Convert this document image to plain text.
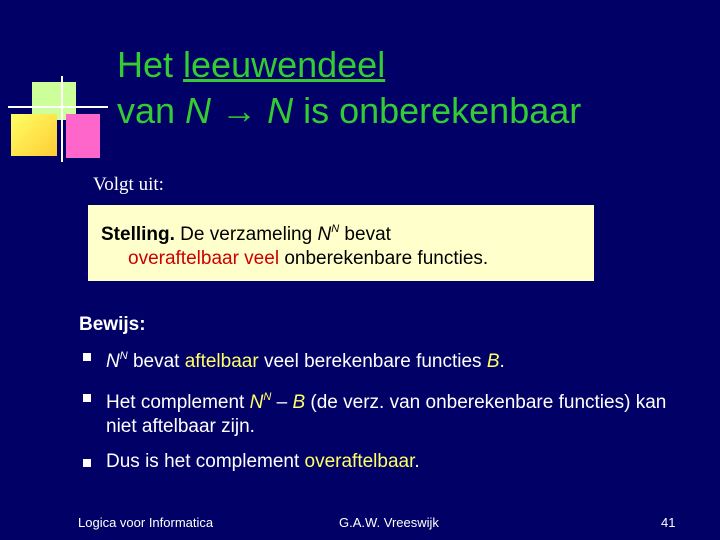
Het leeuwendeel
van N → N is onberekenbaar
Volgt uit:
Stelling. De verzameling $N^N$ bevat
overaftelbaar veel onberekenbare functies.
Bewijs:
$N^N$ bevat aftelbaar veel berekenbare functies B.
Het complement $N^N$ – B (de verz. van onberekenbare functies) kan niet aftelbaar zijn.
Dus is het complement overaftelbaar.
Logica voor Informatica	G.A.W. Vreeswijk	41
